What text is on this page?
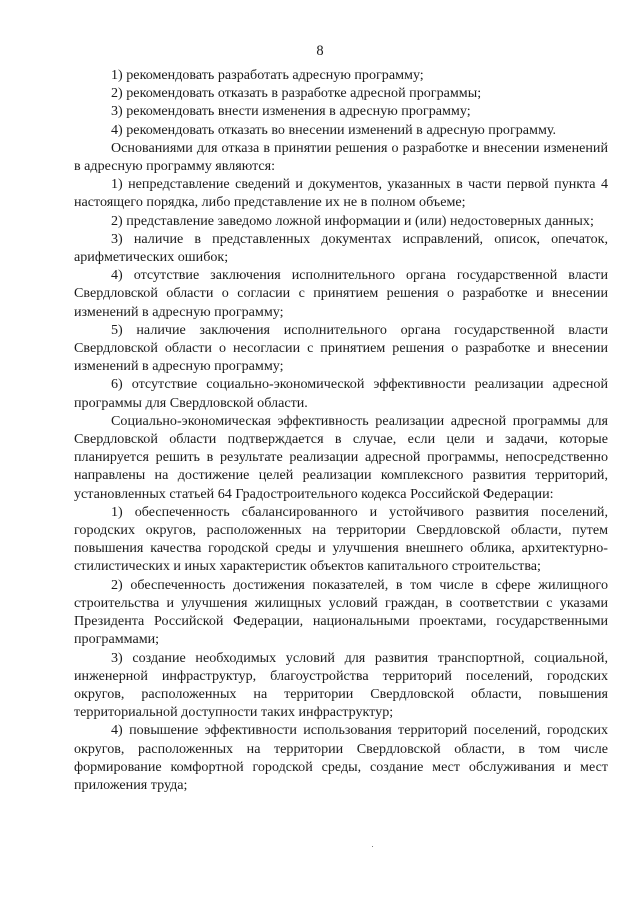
8

1) рекомендовать разработать адресную программу;

2) рекомендовать отказать в разработке адресной программы;

3) рекомендовать внести изменения в адресную программу;

4) рекомендовать отказать во внесении изменений в адресную программу.

Основаниями для отказа в принятии решения о разработке и внесении изменений в адресную программу являются:

1) непредставление сведений и документов, указанных в части первой пункта 4 настоящего порядка, либо представление их не в полном объеме;

2) представление заведомо ложной информации и (или) недостоверных данных;

3) наличие в представленных документах исправлений, описок, опечаток, арифметических ошибок;

4) отсутствие заключения исполнительного органа государственной власти Свердловской области о согласии с принятием решения о разработке и внесении изменений в адресную программу;

5) наличие заключения исполнительного органа государственной власти Свердловской области о несогласии с принятием решения о разработке и внесении изменений в адресную программу;

6) отсутствие социально-экономической эффективности реализации адресной программы для Свердловской области.

Социально-экономическая эффективность реализации адресной программы для Свердловской области подтверждается в случае, если цели и задачи, которые планируется решить в результате реализации адресной программы, непосредственно направлены на достижение целей реализации комплексного развития территорий, установленных статьей 64 Градостроительного кодекса Российской Федерации:

1) обеспеченность сбалансированного и устойчивого развития поселений, городских округов, расположенных на территории Свердловской области, путем повышения качества городской среды и улучшения внешнего облика, архитектурно-стилистических и иных характеристик объектов капитального строительства;

2) обеспеченность достижения показателей, в том числе в сфере жилищного строительства и улучшения жилищных условий граждан, в соответствии с указами Президента Российской Федерации, национальными проектами, государственными программами;

3) создание необходимых условий для развития транспортной, социальной, инженерной инфраструктур, благоустройства территорий поселений, городских округов, расположенных на территории Свердловской области, повышения территориальной доступности таких инфраструктур;

4) повышение эффективности использования территорий поселений, городских округов, расположенных на территории Свердловской области, в том числе формирование комфортной городской среды, создание мест обслуживания и мест приложения труда;
